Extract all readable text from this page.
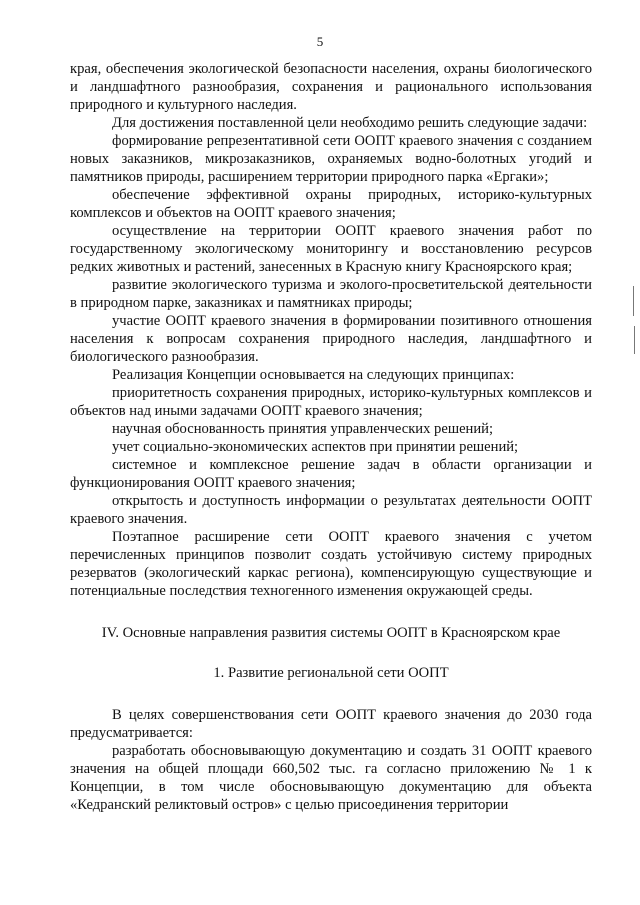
5

края, обеспечения экологической безопасности населения, охраны биологического и ландшафтного разнообразия, сохранения и рационального использования природного и культурного наследия.

Для достижения поставленной цели необходимо решить следующие задачи:

формирование репрезентативной сети ООПТ краевого значения с созданием новых заказников, микрозаказников, охраняемых водно-болотных угодий и памятников природы, расширением территории природного парка «Ергаки»;

обеспечение эффективной охраны природных, историко-культурных комплексов и объектов на ООПТ краевого значения;

осуществление на территории ООПТ краевого значения работ по государственному экологическому мониторингу и восстановлению ресурсов редких животных и растений, занесенных в Красную книгу Красноярского края;

развитие экологического туризма и эколого-просветительской деятельности в природном парке, заказниках и памятниках природы;

участие ООПТ краевого значения в формировании позитивного отношения населения к вопросам сохранения природного наследия, ландшафтного и биологического разнообразия.

Реализация Концепции основывается на следующих принципах:

приоритетность сохранения природных, историко-культурных комплексов и объектов над иными задачами ООПТ краевого значения;

научная обоснованность принятия управленческих решений;

учет социально-экономических аспектов при принятии решений;

системное и комплексное решение задач в области организации и функционирования ООПТ краевого значения;

открытость и доступность информации о результатах деятельности ООПТ краевого значения.

Поэтапное расширение сети ООПТ краевого значения с учетом перечисленных принципов позволит создать устойчивую систему природных резерватов (экологический каркас региона), компенсирующую существующие и потенциальные последствия техногенного изменения окружающей среды.

IV. Основные направления развития системы ООПТ в Красноярском крае

1. Развитие региональной сети ООПТ

В целях совершенствования сети ООПТ краевого значения до 2030 года предусматривается:

разработать обосновывающую документацию и создать 31 ООПТ краевого значения на общей площади 660,502 тыс. га согласно приложению № 1 к Концепции, в том числе обосновывающую документацию для объекта «Кедранский реликтовый остров» с целью присоединения территории
